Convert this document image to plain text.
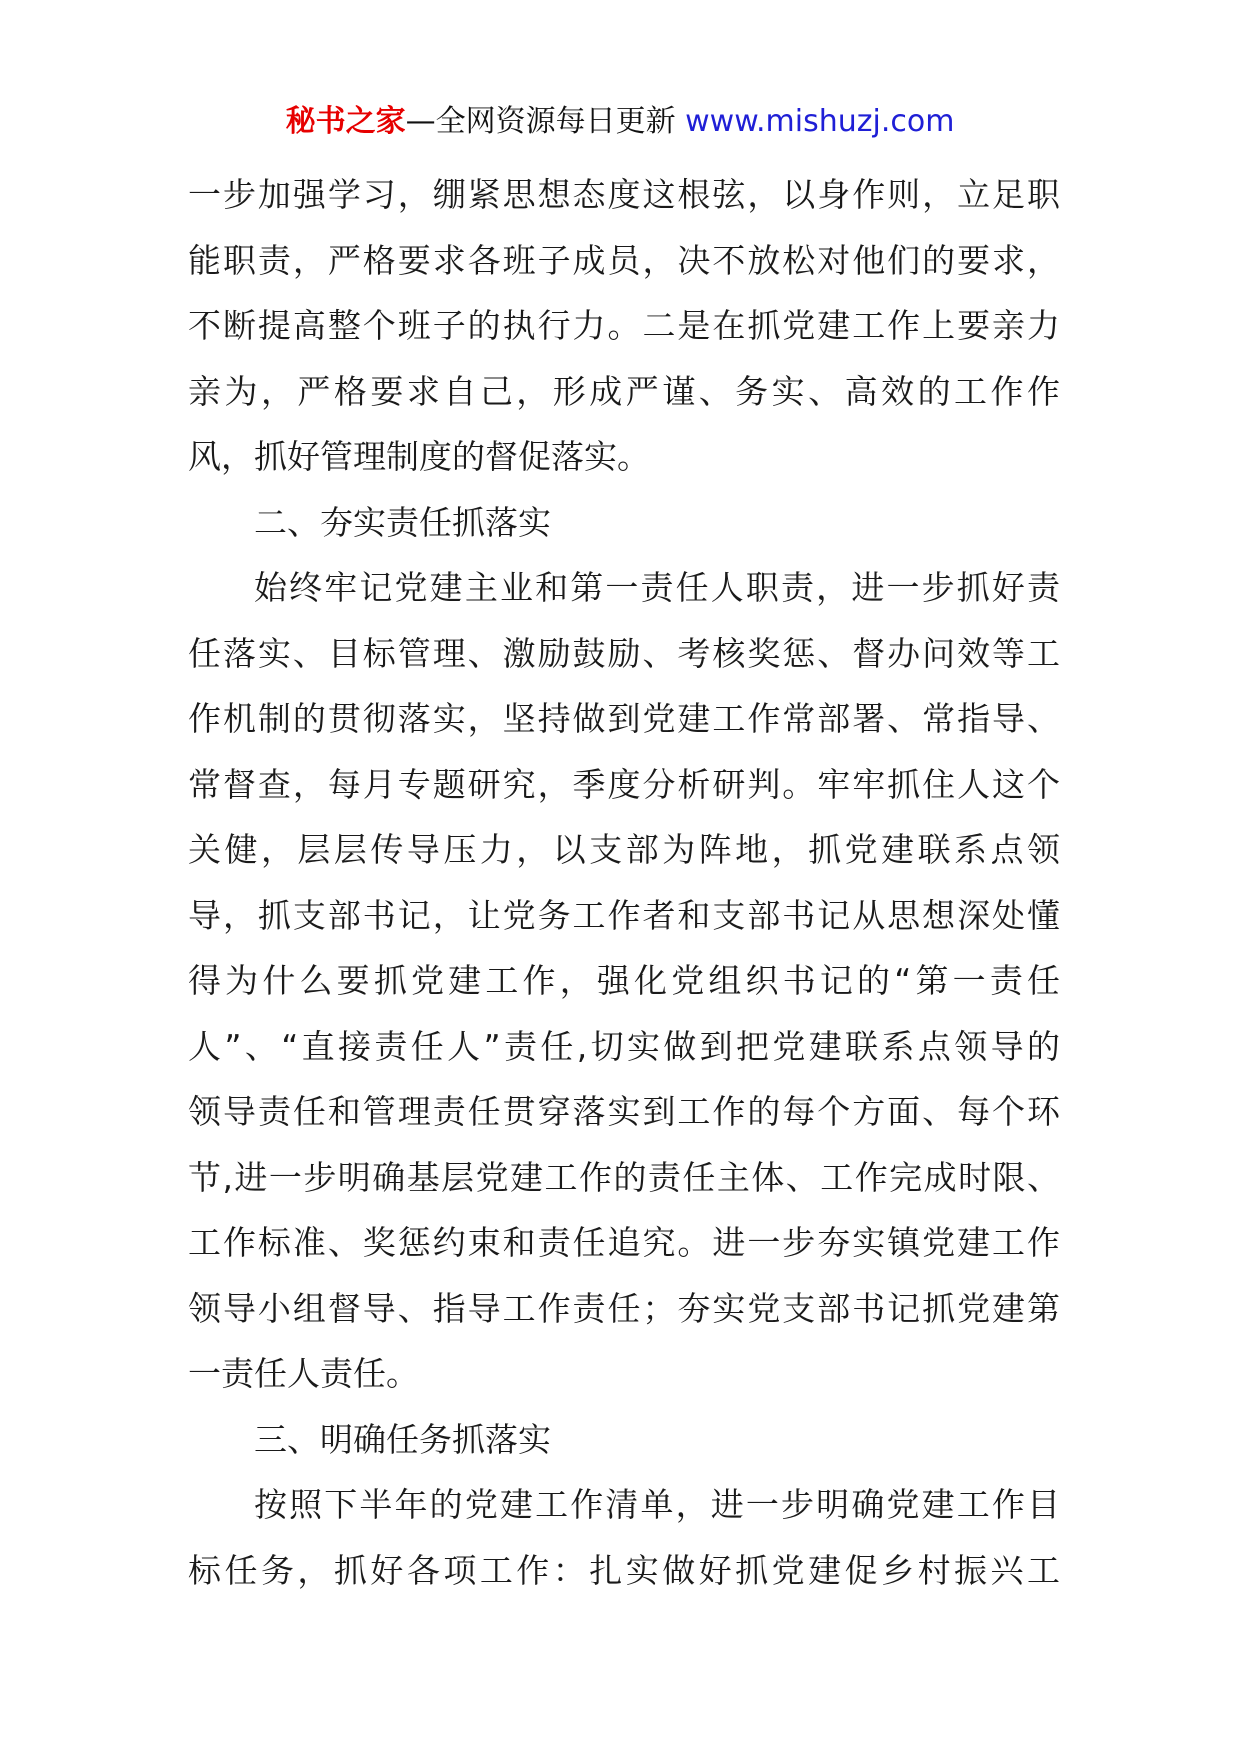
秘书之家—全网资源每日更新 www.mishuzj.com
一步加强学习，绷紧思想态度这根弦，以身作则，立足职
能职责，严格要求各班子成员，决不放松对他们的要求，
不断提高整个班子的执行力。二是在抓党建工作上要亲力
亲为，严格要求自己，形成严谨、务实、高效的工作作
风，抓好管理制度的督促落实。
二、夯实责任抓落实
始终牢记党建主业和第一责任人职责，进一步抓好责
任落实、目标管理、激励鼓励、考核奖惩、督办问效等工
作机制的贯彻落实，坚持做到党建工作常部署、常指导、
常督查，每月专题研究，季度分析研判。牢牢抓住人这个
关健，层层传导压力，以支部为阵地，抓党建联系点领
导，抓支部书记，让党务工作者和支部书记从思想深处懂
得为什么要抓党建工作，强化党组织书记的“第一责任
人”、“直接责任人”责任,切实做到把党建联系点领导的
领导责任和管理责任贯穿落实到工作的每个方面、每个环
节,进一步明确基层党建工作的责任主体、工作完成时限、
工作标准、奖惩约束和责任追究。进一步夯实镇党建工作
领导小组督导、指导工作责任；夯实党支部书记抓党建第
一责任人责任。
三、明确任务抓落实
按照下半年的党建工作清单，进一步明确党建工作目
标任务，抓好各项工作：扎实做好抓党建促乡村振兴工
